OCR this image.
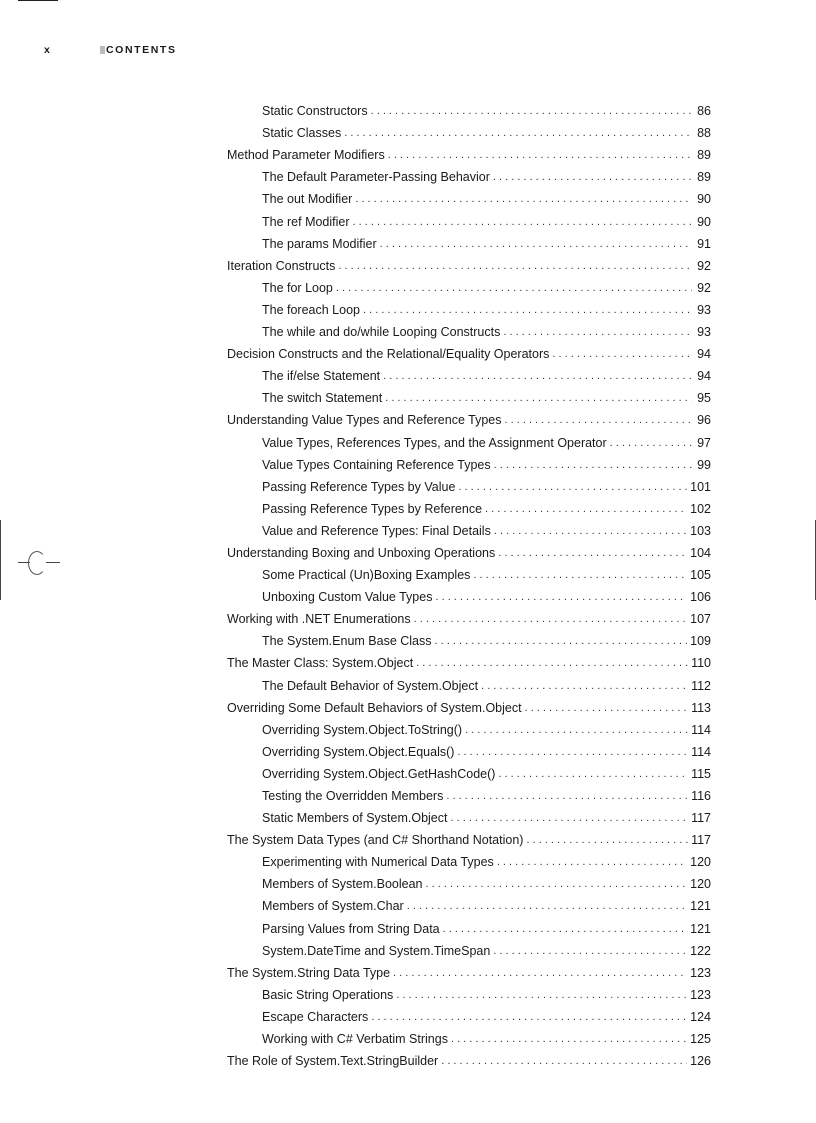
x	CONTENTS
Static Constructors . . .	86
Static Classes . . .	88
Method Parameter Modifiers . . .	89
The Default Parameter-Passing Behavior . . .	89
The out Modifier . . .	90
The ref Modifier . . .	90
The params Modifier . . .	91
Iteration Constructs . . .	92
The for Loop . . .	92
The foreach Loop . . .	93
The while and do/while Looping Constructs . . .	93
Decision Constructs and the Relational/Equality Operators . . .	94
The if/else Statement . . .	94
The switch Statement . . .	95
Understanding Value Types and Reference Types . . .	96
Value Types, References Types, and the Assignment Operator . . .	97
Value Types Containing Reference Types . . .	99
Passing Reference Types by Value . . .	101
Passing Reference Types by Reference . . .	102
Value and Reference Types: Final Details . . .	103
Understanding Boxing and Unboxing Operations . . .	104
Some Practical (Un)Boxing Examples . . .	105
Unboxing Custom Value Types . . .	106
Working with .NET Enumerations . . .	107
The System.Enum Base Class . . .	109
The Master Class: System.Object . . .	110
The Default Behavior of System.Object . . .	112
Overriding Some Default Behaviors of System.Object . . .	113
Overriding System.Object.ToString() . . .	114
Overriding System.Object.Equals() . . .	114
Overriding System.Object.GetHashCode() . . .	115
Testing the Overridden Members . . .	116
Static Members of System.Object . . .	117
The System Data Types (and C# Shorthand Notation) . . .	117
Experimenting with Numerical Data Types . . .	120
Members of System.Boolean . . .	120
Members of System.Char . . .	121
Parsing Values from String Data . . .	121
System.DateTime and System.TimeSpan . . .	122
The System.String Data Type . . .	123
Basic String Operations . . .	123
Escape Characters . . .	124
Working with C# Verbatim Strings . . .	125
The Role of System.Text.StringBuilder . . .	126
